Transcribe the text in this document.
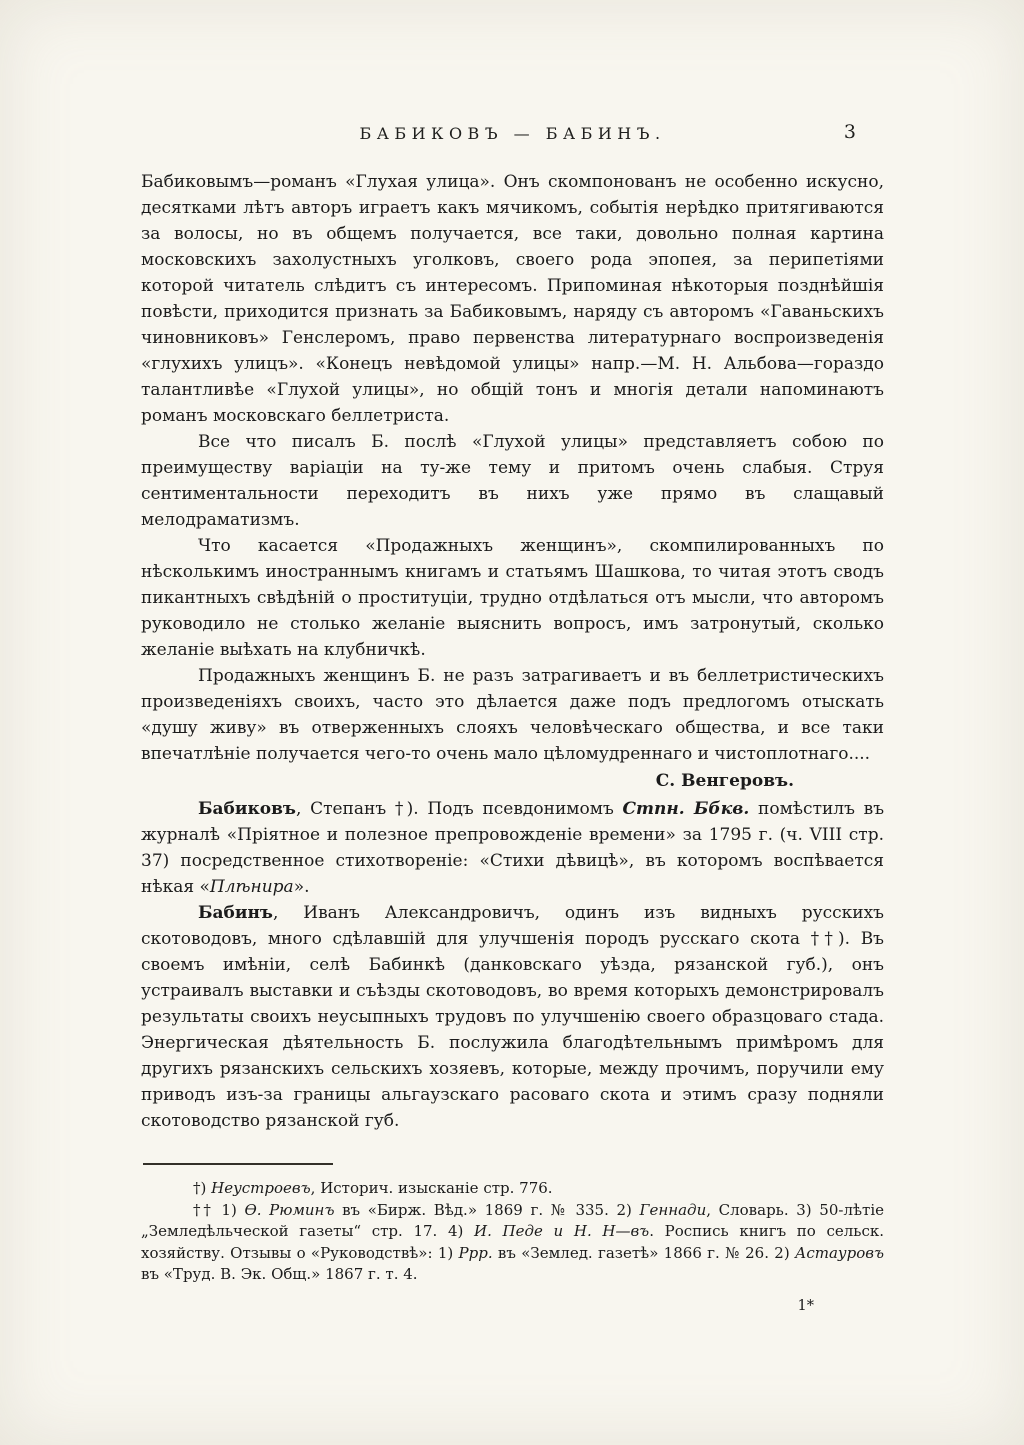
БАБИКОВЪ — БАБИНЪ.	3

Бабиковымъ—романъ «Глухая улица». Онъ скомпонованъ не особенно искусно, десятками лѣтъ авторъ играетъ какъ мячикомъ, событія нерѣдко притягиваются за волосы, но въ общемъ получается, все таки, довольно полная картина московскихъ захолустныхъ уголковъ, своего рода эпопея, за перипетіями которой читатель слѣдитъ съ интересомъ. Припоминая нѣкоторыя позднѣйшія повѣсти, приходится признать за Бабиковымъ, наряду съ авторомъ «Гаваньскихъ чиновниковъ» Генслеромъ, право первенства литературнаго воспроизведенія «глухихъ улицъ». «Конецъ невѣдомой улицы» напр.—М. Н. Альбова—гораздо талантливѣе «Глухой улицы», но общій тонъ и многія детали напоминаютъ романъ московскаго беллетриста.

Все что писалъ Б. послѣ «Глухой улицы» представляетъ собою по преимуществу варіаціи на ту-же тему и притомъ очень слабыя. Струя сентиментальности переходитъ въ нихъ уже прямо въ слащавый мелодраматизмъ.

Что касается «Продажныхъ женщинъ», скомпилированныхъ по нѣсколькимъ иностраннымъ книгамъ и статьямъ Шашкова, то читая этотъ сводъ пикантныхъ свѣдѣній о проституціи, трудно отдѣлаться отъ мысли, что авторомъ руководило не столько желаніе выяснить вопросъ, имъ затронутый, сколько желаніе выѣхать на клубничкѣ.

Продажныхъ женщинъ Б. не разъ затрагиваетъ и въ беллетристическихъ произведеніяхъ своихъ, часто это дѣлается даже подъ предлогомъ отыскать «душу живу» въ отверженныхъ слояхъ человѣческаго общества, и все таки впечатлѣніе получается чего-то очень мало цѣломудреннаго и чистоплотнаго....

С. Венгеровъ.

Бабиковъ, Степанъ †). Подъ псевдонимомъ Стпн. Ббкв. помѣстилъ въ журналѣ «Пріятное и полезное препровожденіе времени» за 1795 г. (ч. VIII стр. 37) посредственное стихотвореніе: «Стихи дѣвицѣ», въ которомъ воспѣвается нѣкая «Плѣнира».

Бабинъ, Иванъ Александровичъ, одинъ изъ видныхъ русскихъ скотоводовъ, много сдѣлавшій для улучшенія породъ русскаго скота ††). Въ своемъ имѣніи, селѣ Бабинкѣ (данковскаго уѣзда, рязанской губ.), онъ устраивалъ выставки и съѣзды скотоводовъ, во время которыхъ демонстрировалъ результаты своихъ неусыпныхъ трудовъ по улучшенію своего образцоваго стада. Энергическая дѣятельность Б. послужила благодѣтельнымъ примѣромъ для другихъ рязанскихъ сельскихъ хозяевъ, которые, между прочимъ, поручили ему приводъ изъ-за границы альгаузскаго расоваго скота и этимъ сразу подняли скотоводство рязанской губ.

†) Неустроевъ, Историч. изысканіе стр. 776.

†† 1) Ѳ. Рюминъ въ «Бирж. Вѣд.» 1869 г. № 335. 2) Геннади, Словарь. 3) 50-лѣтіе „Земледѣльческой газеты“ стр. 17. 4) И. Педе и Н. Н—въ. Роспись книгъ по сельск. хозяйству. Отзывы о «Руководствѣ»: 1) Ррр. въ «Землед. газетѣ» 1866 г. № 26. 2) Астауровъ въ «Труд. В. Эк. Общ.» 1867 г. т. 4.

1*
